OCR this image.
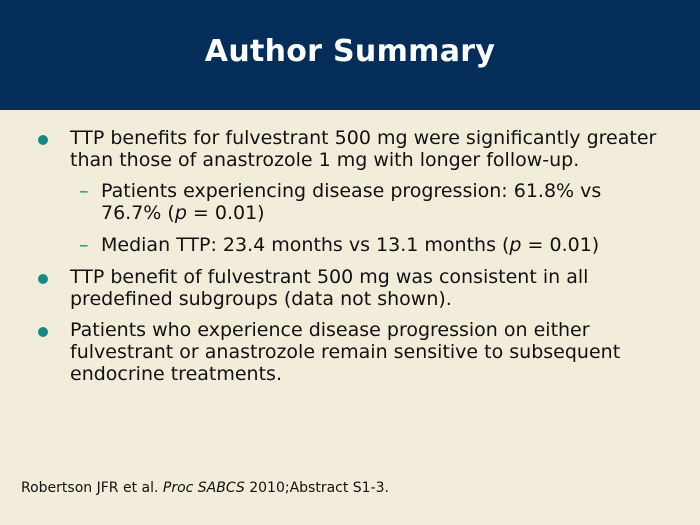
Author Summary

TTP benefits for fulvestrant 500 mg were significantly greater than those of anastrozole 1 mg with longer follow-up.

– Patients experiencing disease progression: 61.8% vs 76.7% (p = 0.01)

– Median TTP: 23.4 months vs 13.1 months (p = 0.01)

TTP benefit of fulvestrant 500 mg was consistent in all predefined subgroups (data not shown).

Patients who experience disease progression on either fulvestrant or anastrozole remain sensitive to subsequent endocrine treatments.

Robertson JFR et al. Proc SABCS 2010;Abstract S1-3.
